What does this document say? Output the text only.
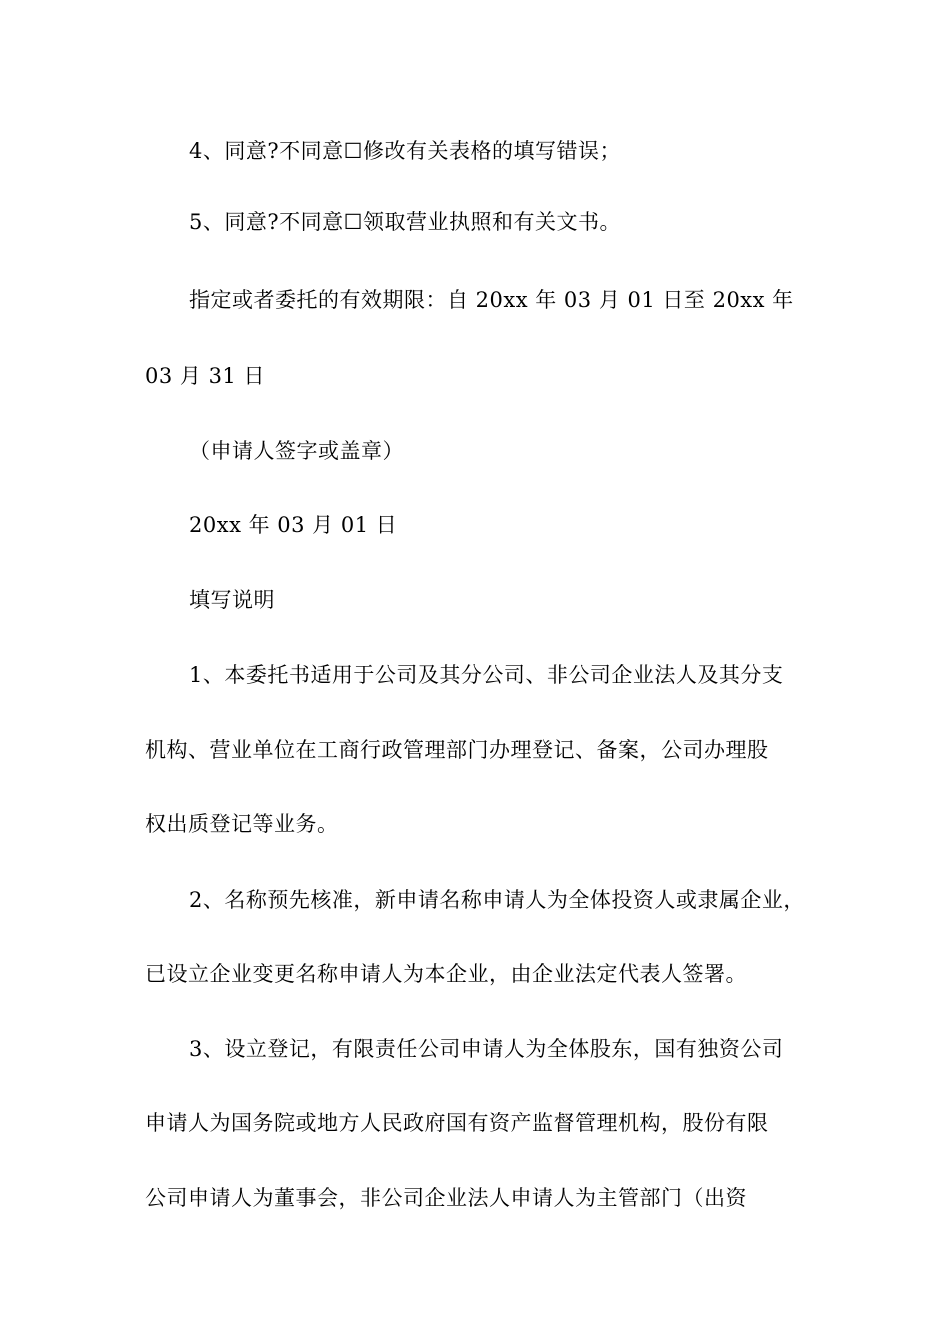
4、同意?不同意☐修改有关表格的填写错误；
5、同意?不同意☐领取营业执照和有关文书。
指定或者委托的有效期限：自 20xx 年 03 月 01 日至 20xx 年
03 月 31 日
（申请人签字或盖章）
20xx 年 03 月 01 日
填写说明
1、本委托书适用于公司及其分公司、非公司企业法人及其分支
机构、营业单位在工商行政管理部门办理登记、备案，公司办理股
权出质登记等业务。
2、名称预先核准，新申请名称申请人为全体投资人或隶属企业，
已设立企业变更名称申请人为本企业，由企业法定代表人签署。
3、设立登记，有限责任公司申请人为全体股东，国有独资公司
申请人为国务院或地方人民政府国有资产监督管理机构，股份有限
公司申请人为董事会，非公司企业法人申请人为主管部门（出资
